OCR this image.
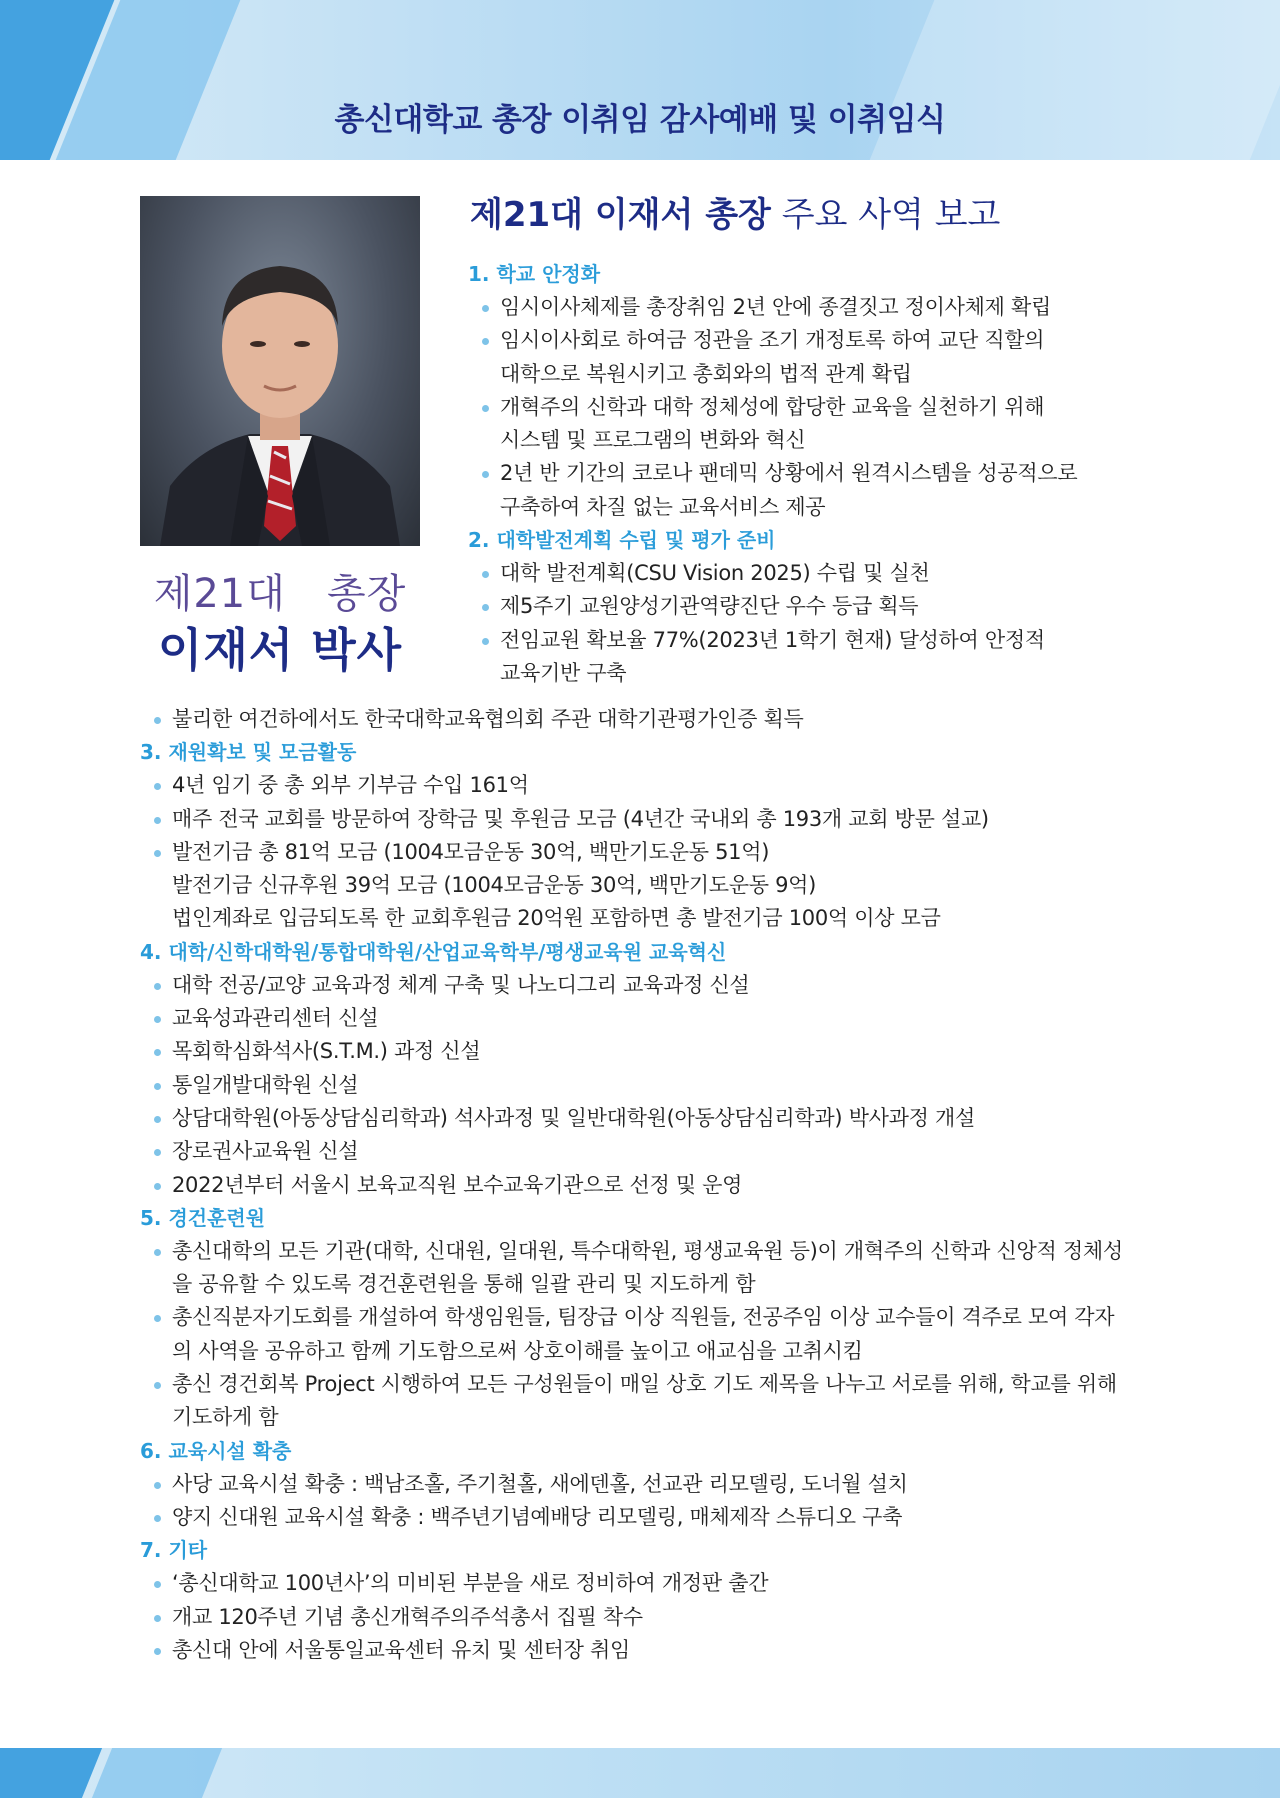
총신대학교 총장 이취임 감사예배 및 이취임식
제21대 총장
이재서 박사
제21대 이재서 총장 주요 사역 보고
1. 학교 안정화
임시이사체제를 총장취임 2년 안에 종결짓고 정이사체제 확립
임시이사회로 하여금 정관을 조기 개정토록 하여 교단 직할의
대학으로 복원시키고 총회와의 법적 관계 확립
개혁주의 신학과 대학 정체성에 합당한 교육을 실천하기 위해
시스템 및 프로그램의 변화와 혁신
2년 반 기간의 코로나 팬데믹 상황에서 원격시스템을 성공적으로
구축하여 차질 없는 교육서비스 제공
2. 대학발전계획 수립 및 평가 준비
대학 발전계획(CSU Vision 2025) 수립 및 실천
제5주기 교원양성기관역량진단 우수 등급 획득
전임교원 확보율 77%(2023년 1학기 현재) 달성하여 안정적
교육기반 구축
불리한 여건하에서도 한국대학교육협의회 주관 대학기관평가인증 획득
3. 재원확보 및 모금활동
4년 임기 중 총 외부 기부금 수입 161억
매주 전국 교회를 방문하여 장학금 및 후원금 모금 (4년간 국내외 총 193개 교회 방문 설교)
발전기금 총 81억 모금 (1004모금운동 30억, 백만기도운동 51억)
발전기금 신규후원 39억 모금 (1004모금운동 30억, 백만기도운동 9억)
법인계좌로 입금되도록 한 교회후원금 20억원 포함하면 총 발전기금 100억 이상 모금
4. 대학/신학대학원/통합대학원/산업교육학부/평생교육원 교육혁신
대학 전공/교양 교육과정 체계 구축 및 나노디그리 교육과정 신설
교육성과관리센터 신설
목회학심화석사(S.T.M.) 과정 신설
통일개발대학원 신설
상담대학원(아동상담심리학과) 석사과정 및 일반대학원(아동상담심리학과) 박사과정 개설
장로권사교육원 신설
2022년부터 서울시 보육교직원 보수교육기관으로 선정 및 운영
5. 경건훈련원
총신대학의 모든 기관(대학, 신대원, 일대원, 특수대학원, 평생교육원 등)이 개혁주의 신학과 신앙적 정체성
을 공유할 수 있도록 경건훈련원을 통해 일괄 관리 및 지도하게 함
총신직분자기도회를 개설하여 학생임원들, 팀장급 이상 직원들, 전공주임 이상 교수들이 격주로 모여 각자
의 사역을 공유하고 함께 기도함으로써 상호이해를 높이고 애교심을 고취시킴
총신 경건회복 Project 시행하여 모든 구성원들이 매일 상호 기도 제목을 나누고 서로를 위해, 학교를 위해
기도하게 함
6. 교육시설 확충
사당 교육시설 확충 : 백남조홀, 주기철홀, 새에덴홀, 선교관 리모델링, 도너월 설치
양지 신대원 교육시설 확충 : 백주년기념예배당 리모델링, 매체제작 스튜디오 구축
7. 기타
‘총신대학교 100년사’의 미비된 부분을 새로 정비하여 개정판 출간
개교 120주년 기념 총신개혁주의주석총서 집필 착수
총신대 안에 서울통일교육센터 유치 및 센터장 취임
